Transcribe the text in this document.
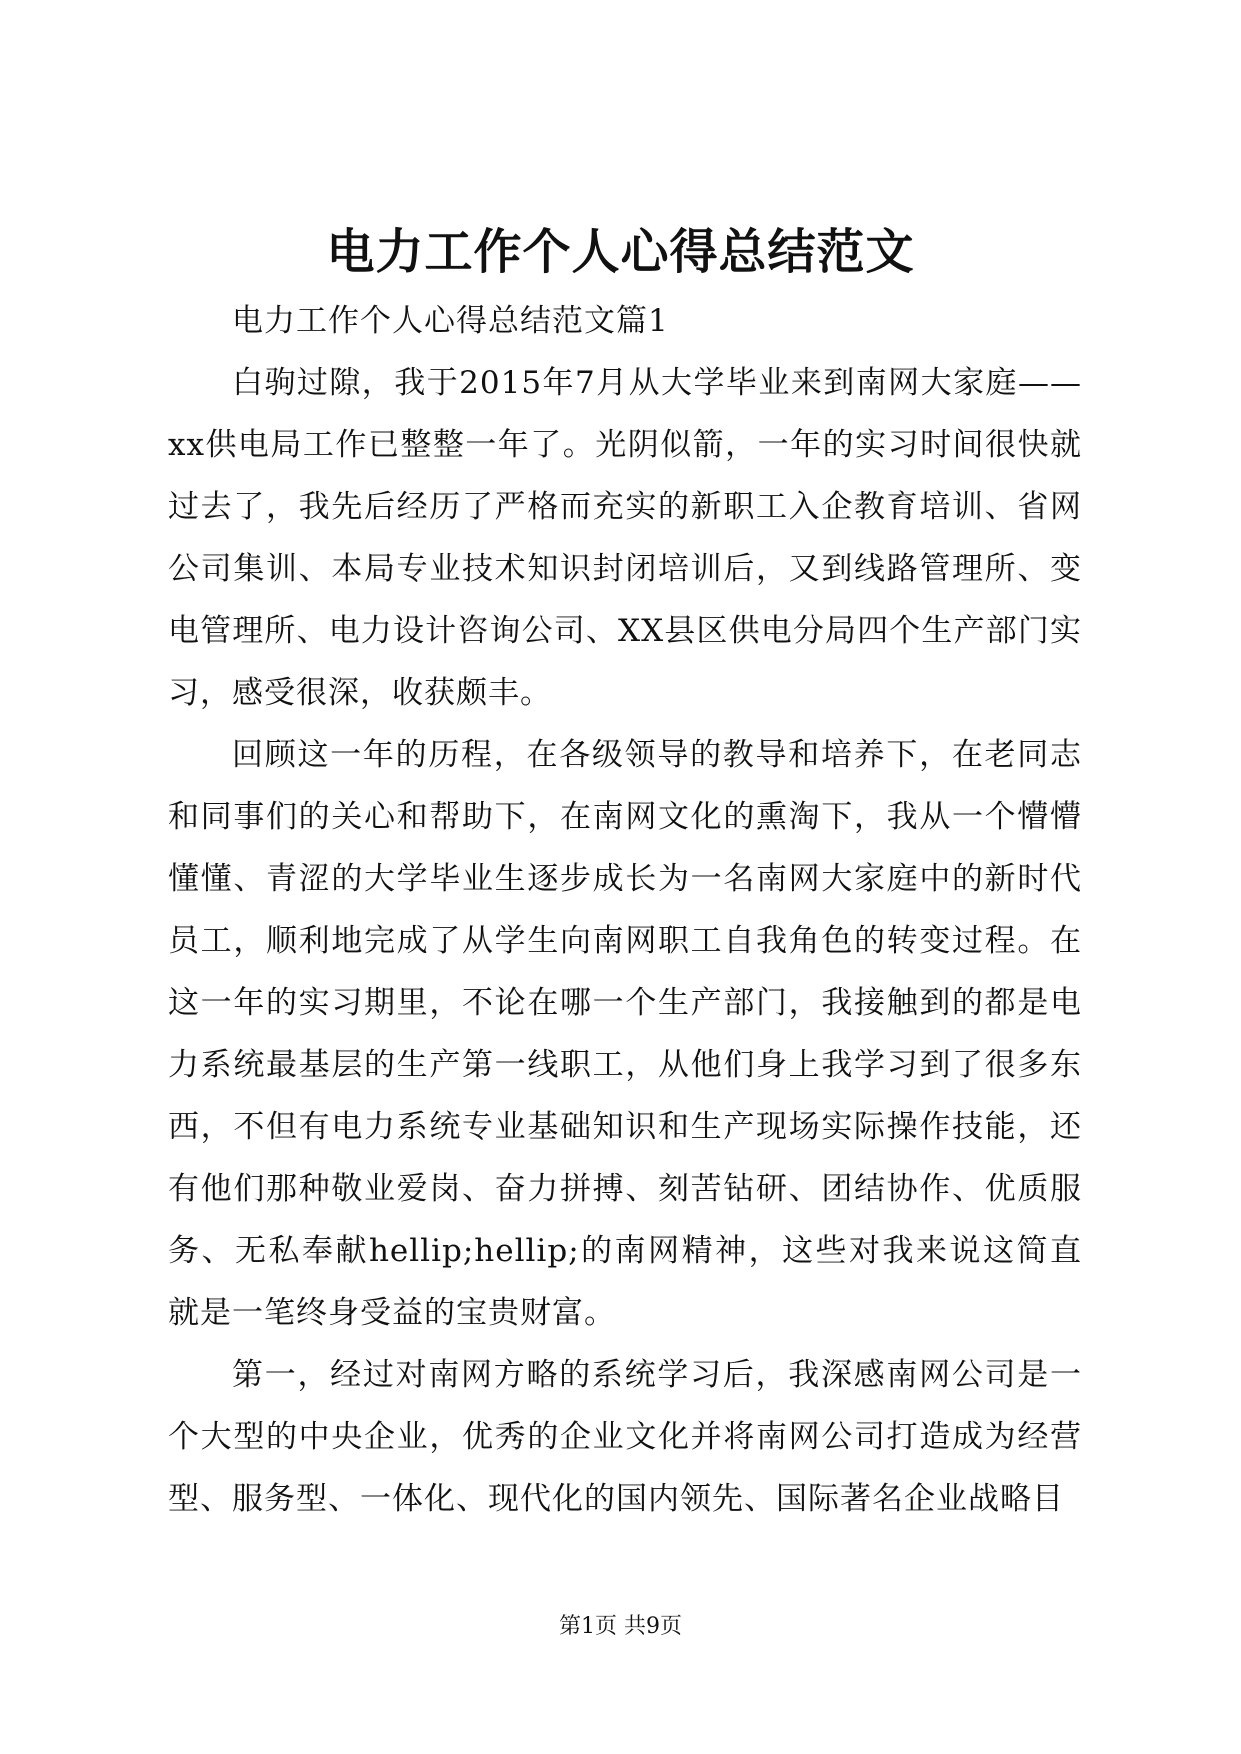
电力工作个人心得总结范文

电力工作个人心得总结范文篇1

白驹过隙，我于2015年7月从大学毕业来到南网大家庭——xx供电局工作已整整一年了。光阴似箭，一年的实习时间很快就过去了，我先后经历了严格而充实的新职工入企教育培训、省网公司集训、本局专业技术知识封闭培训后，又到线路管理所、变电管理所、电力设计咨询公司、XX县区供电分局四个生产部门实习，感受很深，收获颇丰。

回顾这一年的历程，在各级领导的教导和培养下，在老同志和同事们的关心和帮助下，在南网文化的熏淘下，我从一个懵懵懂懂、青涩的大学毕业生逐步成长为一名南网大家庭中的新时代员工，顺利地完成了从学生向南网职工自我角色的转变过程。在这一年的实习期里，不论在哪一个生产部门，我接触到的都是电力系统最基层的生产第一线职工，从他们身上我学习到了很多东西，不但有电力系统专业基础知识和生产现场实际操作技能，还有他们那种敬业爱岗、奋力拼搏、刻苦钻研、团结协作、优质服务、无私奉献hellip;hellip;的南网精神，这些对我来说这简直就是一笔终身受益的宝贵财富。

第一，经过对南网方略的系统学习后，我深感南网公司是一个大型的中央企业，优秀的企业文化并将南网公司打造成为经营型、服务型、一体化、现代化的国内领先、国际著名企业战略目

第1页 共9页
